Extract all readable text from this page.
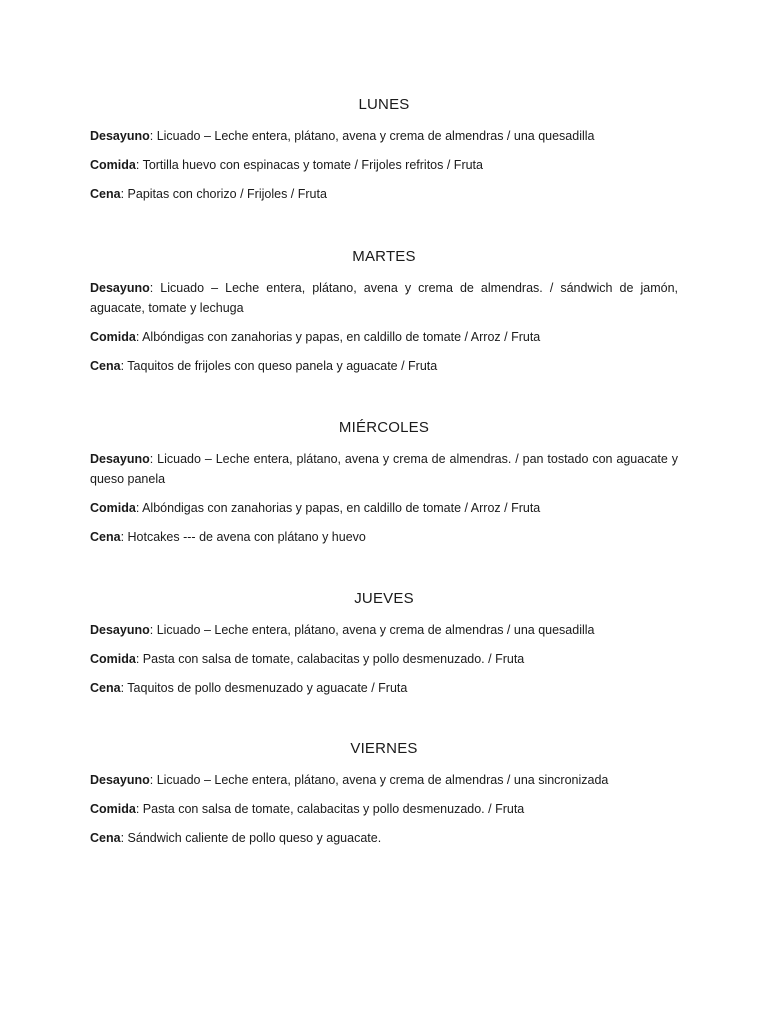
LUNES

Desayuno: Licuado – Leche entera, plátano, avena y crema de almendras / una quesadilla

Comida: Tortilla huevo con espinacas y tomate / Frijoles refritos / Fruta

Cena: Papitas con chorizo / Frijoles / Fruta

MARTES

Desayuno: Licuado – Leche entera, plátano, avena y crema de almendras. / sándwich de jamón, aguacate, tomate y lechuga

Comida: Albóndigas con zanahorias y papas, en caldillo de tomate / Arroz / Fruta

Cena: Taquitos de frijoles con queso panela y aguacate / Fruta

MIÉRCOLES

Desayuno: Licuado – Leche entera, plátano, avena y crema de almendras. / pan tostado con aguacate y queso panela

Comida: Albóndigas con zanahorias y papas, en caldillo de tomate / Arroz / Fruta

Cena: Hotcakes --- de avena con plátano y huevo

JUEVES

Desayuno: Licuado – Leche entera, plátano, avena y crema de almendras / una quesadilla

Comida: Pasta con salsa de tomate, calabacitas y pollo desmenuzado. / Fruta

Cena: Taquitos de pollo desmenuzado y aguacate / Fruta

VIERNES

Desayuno: Licuado – Leche entera, plátano, avena y crema de almendras / una sincronizada

Comida: Pasta con salsa de tomate, calabacitas y pollo desmenuzado. / Fruta

Cena: Sándwich caliente de pollo queso y aguacate.
